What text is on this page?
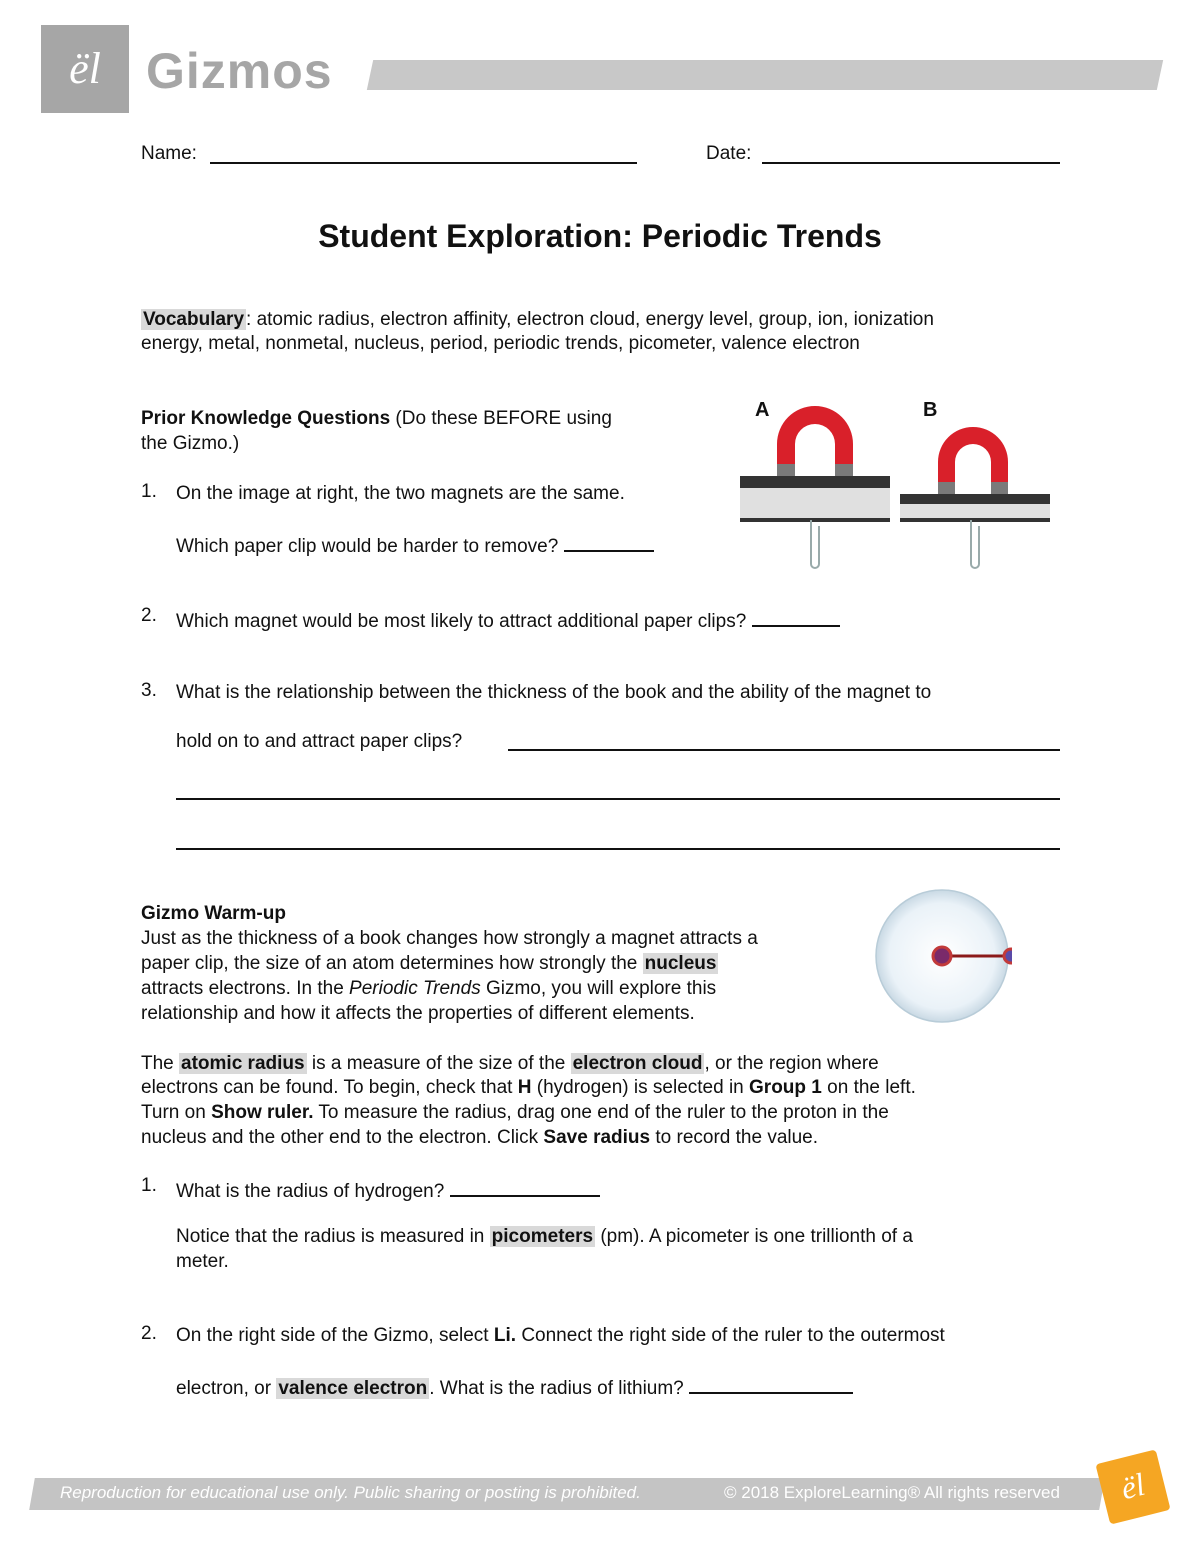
ël Gizmos
Name:	Date:
Student Exploration: Periodic Trends
Vocabulary : atomic radius, electron affinity, electron cloud, energy level, group, ion, ionization
energy, metal, nonmetal, nucleus, period, periodic trends, picometer, valence electron
Prior Knowledge Questions (Do these BEFORE using
the Gizmo.)
1. On the image at right, the two magnets are the same.
Which paper clip would be harder to remove?
A	B
2. Which magnet would be most likely to attract additional paper clips?
3. What is the relationship between the thickness of the book and the ability of the magnet to
hold on to and attract paper clips?
Gizmo Warm-up
Just as the thickness of a book changes how strongly a magnet attracts a
paper clip, the size of an atom determines how strongly the nucleus
attracts electrons. In the Periodic Trends Gizmo, you will explore this
relationship and how it affects the properties of different elements.
The atomic radius is a measure of the size of the electron cloud , or the region where
electrons can be found. To begin, check that H (hydrogen) is selected in Group 1 on the left.
Turn on Show ruler. To measure the radius, drag one end of the ruler to the proton in the
nucleus and the other end to the electron. Click Save radius to record the value.
1. What is the radius of hydrogen?
Notice that the radius is measured in picometers (pm). A picometer is one trillionth of a
meter.
2. On the right side of the Gizmo, select Li. Connect the right side of the ruler to the outermost
electron, or valence electron . What is the radius of lithium?
Reproduction for educational use only. Public sharing or posting is prohibited.	© 2018 ExploreLearning® All rights reserved	ël
